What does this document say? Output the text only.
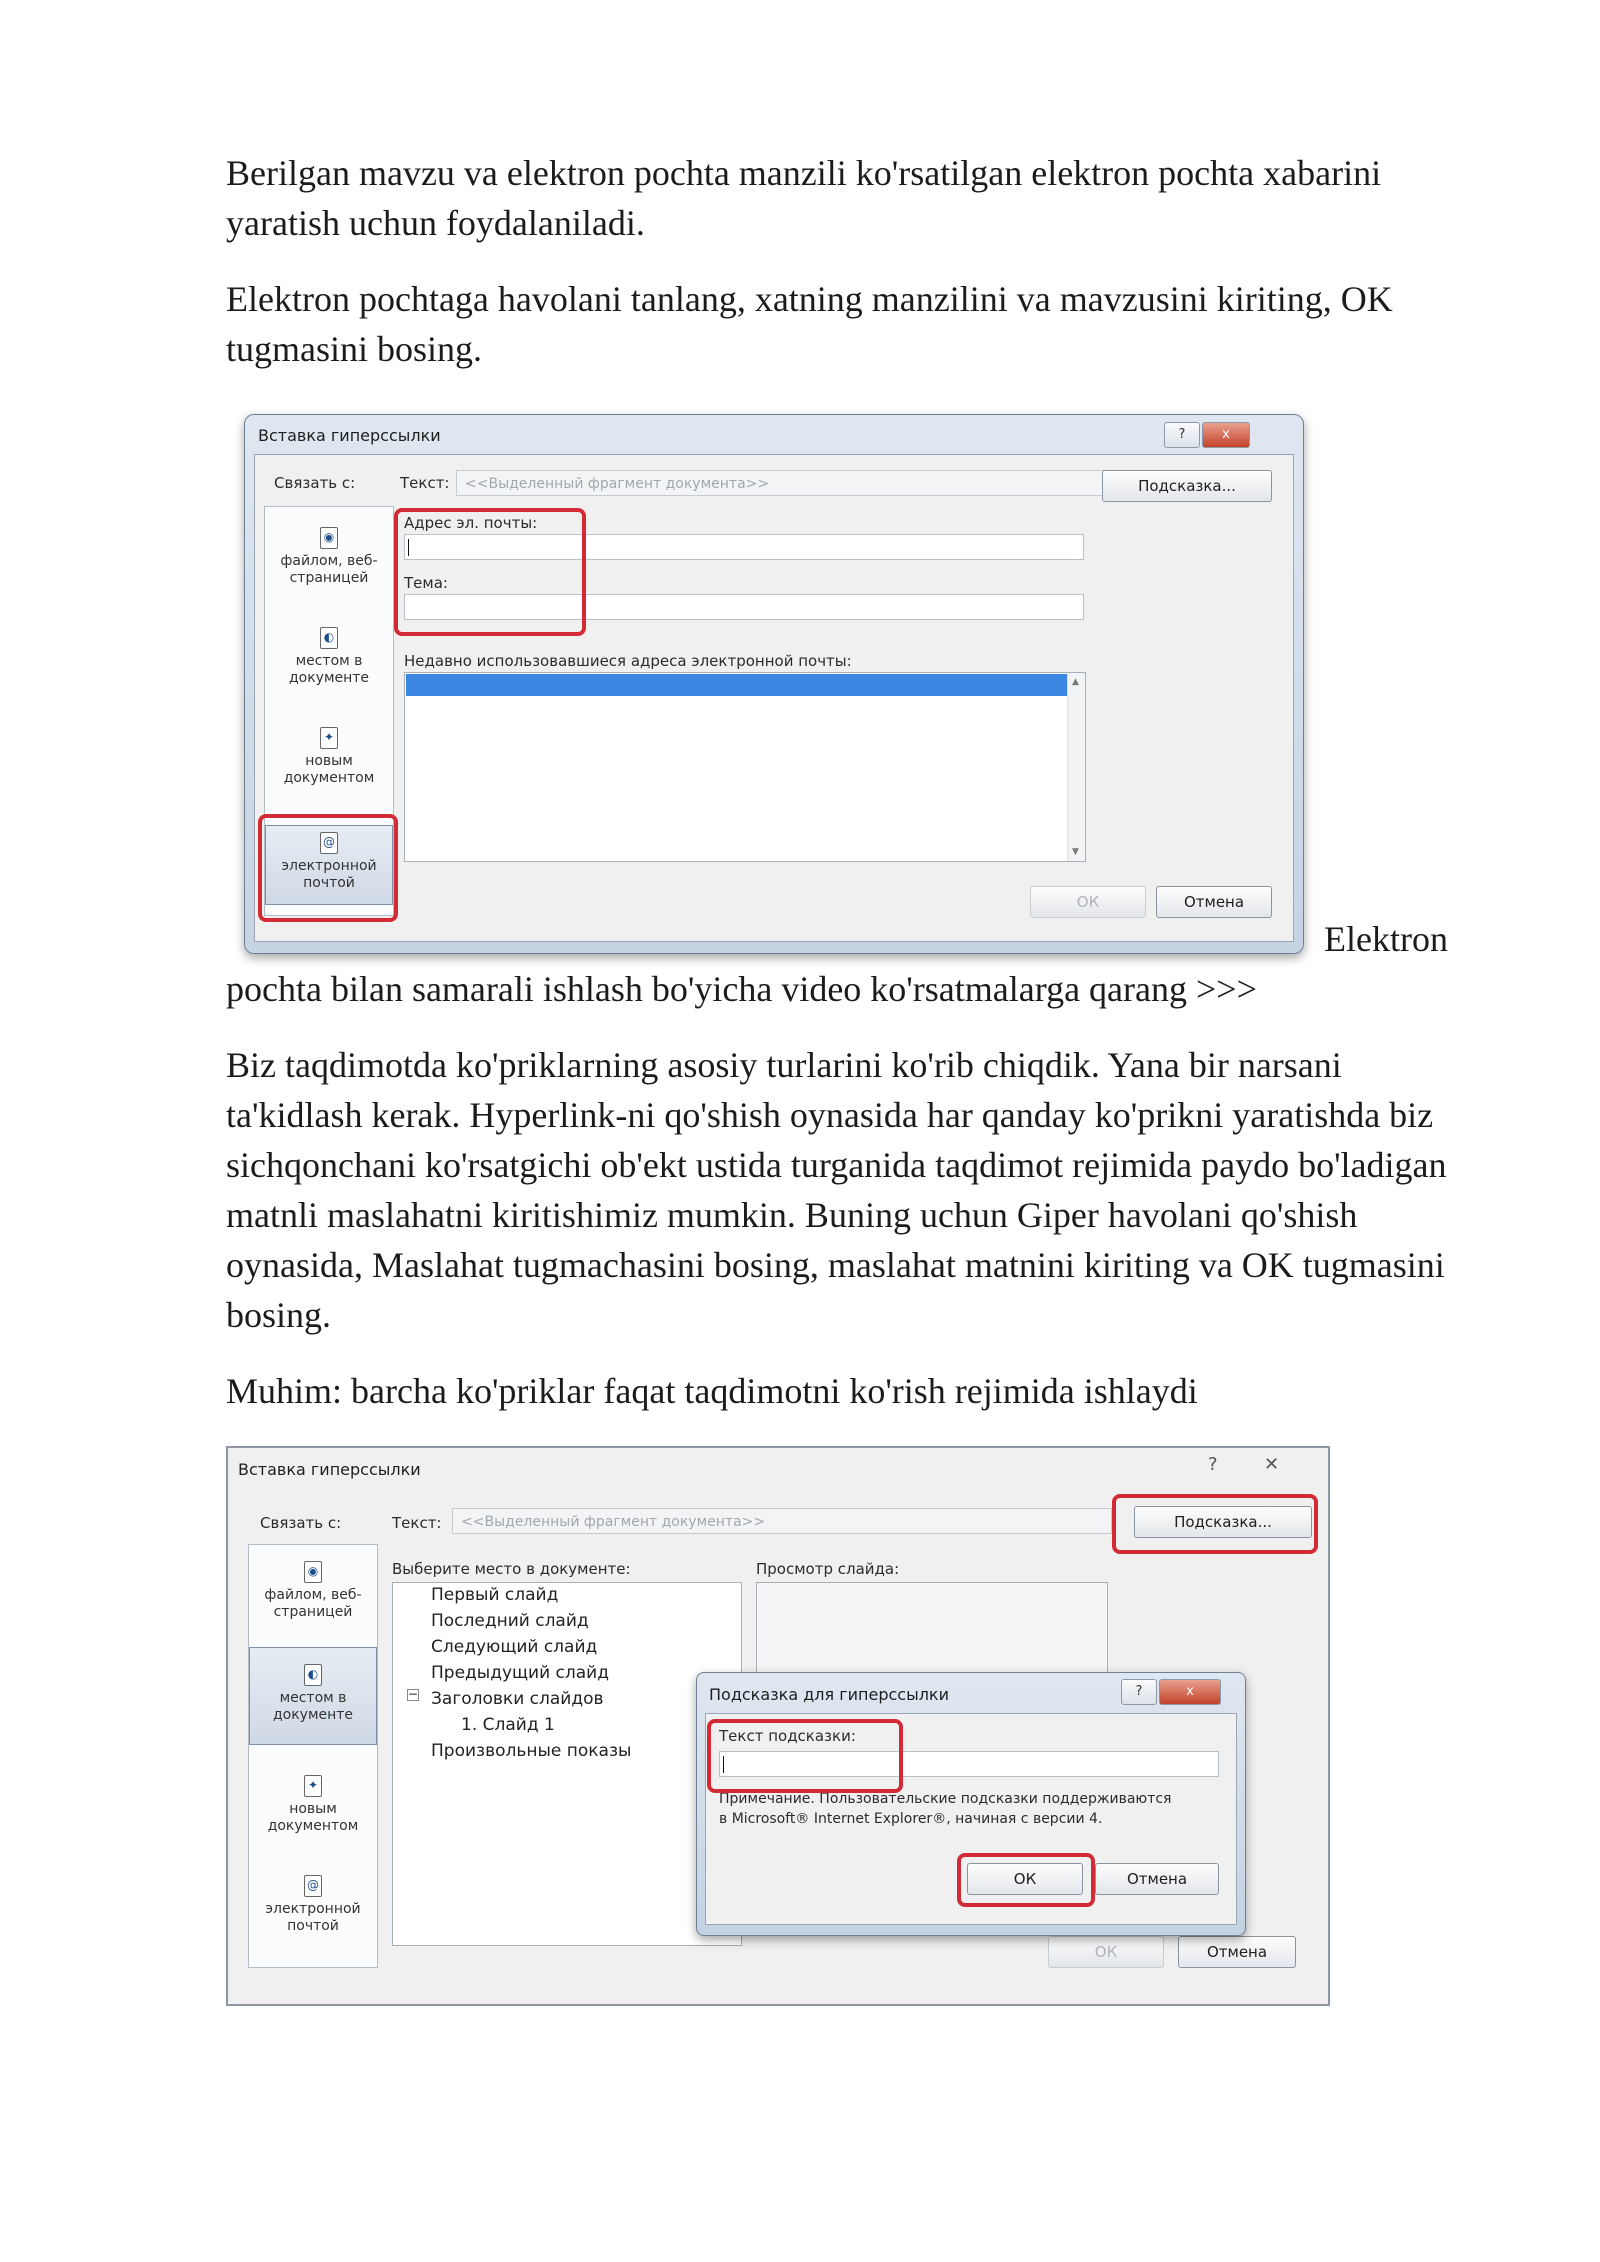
Berilgan mavzu va elektron pochta manzili ko'rsatilgan elektron pochta xabarini yaratish uchun foydalaniladi.

Elektron pochtaga havolani tanlang, xatning manzilini va mavzusini kiriting, OK tugmasini bosing.

Вставка гиперссылки	?	x
Связать с:	Текст:	<<Выделенный фрагмент документа>>	Подсказка...
◉
файлом, веб-
страницей
◐
местом в
документе
✦
новым
документом
@
электронной
почтой
Адрес эл. почты:
Тема:
Недавно использовавшиеся адреса электронной почты:
▲
▼
ОК	Отмена
Elektron

pochta bilan samarali ishlash bo'yicha video ko'rsatmalarga qarang >>>

Biz taqdimotda ko'priklarning asosiy turlarini ko'rib chiqdik. Yana bir narsani ta'kidlash kerak. Hyperlink-ni qo'shish oynasida har qanday ko'prikni yaratishda biz sichqonchani ko'rsatgichi ob'ekt ustida turganida taqdimot rejimida paydo bo'ladigan matnli maslahatni kiritishimiz mumkin. Buning uchun Giper havolani qo'shish oynasida, Maslahat tugmachasini bosing, maslahat matnini kiriting va OK tugmasini bosing.

Muhim: barcha ko'priklar faqat taqdimotni ko'rish rejimida ishlaydi

Вставка гиперссылки	?	✕
Связать с:	Текст:	<<Выделенный фрагмент документа>>	Подсказка...
◉
файлом, веб-
страницей
◐
местом в
документе
✦
новым
документом
@
электронной
почтой
Выберите место в документе:
Первый слайд
Последний слайд
Следующий слайд
Предыдущий слайд
− Заголовки слайдов
1. Слайд 1
Произвольные показы
Просмотр слайда:
ОК	Отмена
Подсказка для гиперссылки	?	x
Текст подсказки:
Примечание. Пользовательские подсказки поддерживаются
в Microsoft® Internet Explorer®, начиная с версии 4.
ОК	Отмена
